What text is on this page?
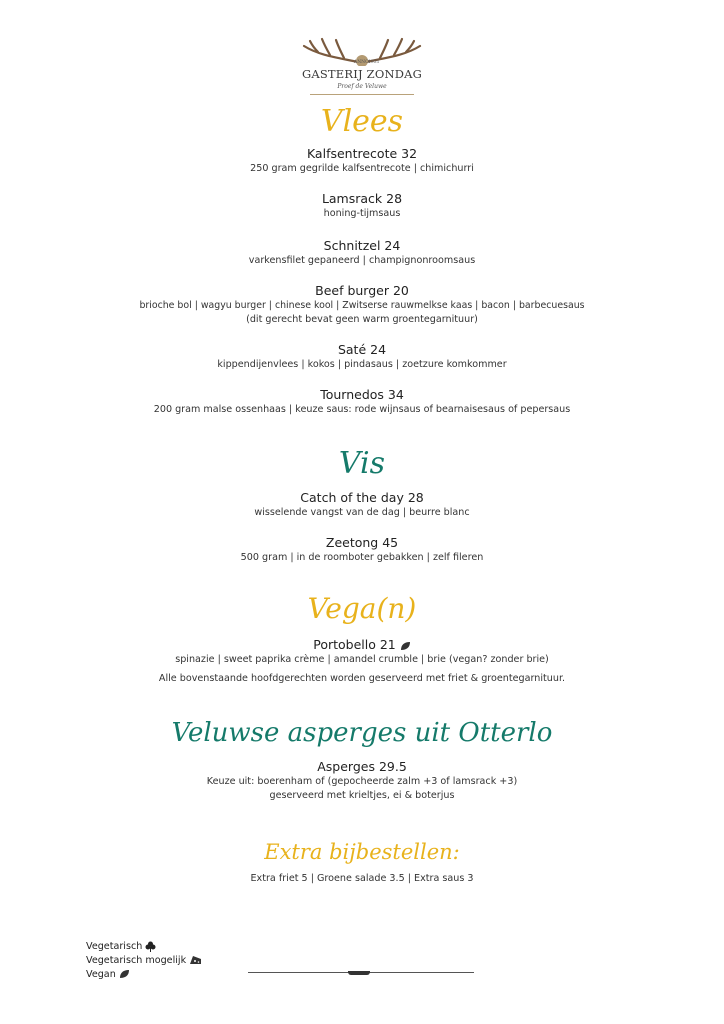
ANNO 1931
GASTERIJ ZONDAG
Proef de Veluwe
Vlees
Kalfsentrecote 32
250 gram gegrilde kalfsentrecote | chimichurri
Lamsrack 28
honing-tijmsaus
Schnitzel 24
varkensfilet gepaneerd | champignonroomsaus
Beef burger 20
brioche bol | wagyu burger | chinese kool | Zwitserse rauwmelkse kaas | bacon | barbecuesaus
(dit gerecht bevat geen warm groentegarnituur)
Saté 24
kippendijenvlees | kokos | pindasaus | zoetzure komkommer
Tournedos 34
200 gram malse ossenhaas | keuze saus: rode wijnsaus of bearnaisesaus of pepersaus
Vis
Catch of the day 28
wisselende vangst van de dag | beurre blanc
Zeetong 45
500 gram | in de roomboter gebakken | zelf fileren
Vega(n)
Portobello 21
spinazie | sweet paprika crème | amandel crumble | brie (vegan? zonder brie)
Alle bovenstaande hoofdgerechten worden geserveerd met friet & groentegarnituur.
Veluwse asperges uit Otterlo
Asperges 29.5
Keuze uit: boerenham of (gepocheerde zalm +3 of lamsrack +3)
geserveerd met krieltjes, ei & boterjus
Extra bijbestellen:
Extra friet 5 | Groene salade 3.5 | Extra saus 3
Vegetarisch
Vegetarisch mogelijk
Vegan
